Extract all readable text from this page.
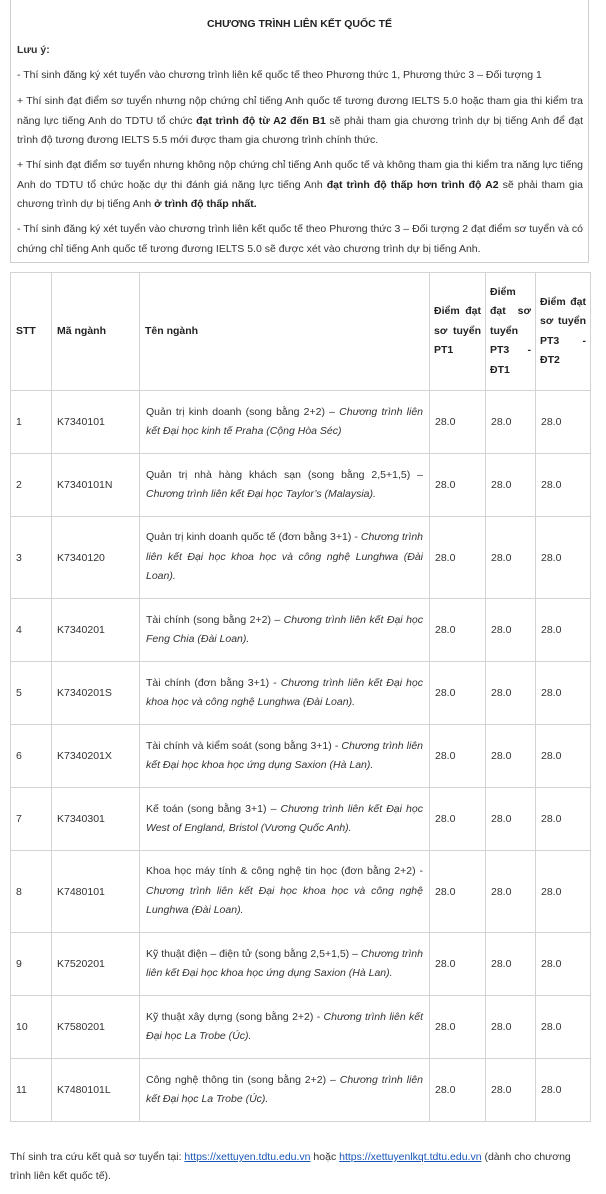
CHƯƠNG TRÌNH LIÊN KẾT QUỐC TẾ
Lưu ý:

- Thí sinh đăng ký xét tuyển vào chương trình liên kế quốc tế theo Phương thức 1, Phương thức 3 – Đối tượng 1

+ Thí sinh đạt điểm sơ tuyển nhưng nộp chứng chỉ tiếng Anh quốc tế tương đương IELTS 5.0 hoặc tham gia thi kiểm tra năng lực tiếng Anh do TDTU tổ chức đạt trình độ từ A2 đến B1 sẽ phải tham gia chương trình dự bị tiếng Anh để đạt trình độ tương đương IELTS 5.5 mới được tham gia chương trình chính thức.

+ Thí sinh đạt điểm sơ tuyển nhưng không nộp chứng chỉ tiếng Anh quốc tế và không tham gia thi kiểm tra năng lực tiếng Anh do TDTU tổ chức hoặc dự thi đánh giá năng lực tiếng Anh đạt trình độ thấp hơn trình độ A2 sẽ phải tham gia chương trình dự bị tiếng Anh ở trình độ thấp nhất.

- Thí sinh đăng ký xét tuyển vào chương trình liên kết quốc tế theo Phương thức 3 – Đối tượng 2 đạt điểm sơ tuyển và có chứng chỉ tiếng Anh quốc tế tương đương IELTS 5.0 sẽ được xét vào chương trình dự bị tiếng Anh.

STT	Mã ngành	Tên ngành	Điểm đạt sơ tuyển PT1	Điểm đạt sơ tuyển PT3 - ĐT1	Điểm đạt sơ tuyển PT3 - ĐT2
1	K7340101	Quản trị kinh doanh (song bằng 2+2) – Chương trình liên kết Đại học kinh tế Praha (Cộng Hòa Séc)	28.0	28.0	28.0
2	K7340101N	Quản trị nhà hàng khách sạn (song bằng 2,5+1,5) – Chương trình liên kết Đại học Taylor’s (Malaysia).	28.0	28.0	28.0
3	K7340120	Quản trị kinh doanh quốc tế (đơn bằng 3+1) - Chương trình liên kết Đại học khoa học và công nghệ Lunghwa (Đài Loan).	28.0	28.0	28.0
4	K7340201	Tài chính (song bằng 2+2) – Chương trình liên kết Đại học Feng Chia (Đài Loan).	28.0	28.0	28.0
5	K7340201S	Tài chính (đơn bằng 3+1) - Chương trình liên kết Đại học khoa học và công nghệ Lunghwa (Đài Loan).	28.0	28.0	28.0
6	K7340201X	Tài chính và kiểm soát (song bằng 3+1) - Chương trình liên kết Đại học khoa học ứng dụng Saxion (Hà Lan).	28.0	28.0	28.0
7	K7340301	Kế toán (song bằng 3+1) – Chương trình liên kết Đại học West of England, Bristol (Vương Quốc Anh).	28.0	28.0	28.0
8	K7480101	Khoa học máy tính & công nghệ tin học (đơn bằng 2+2) - Chương trình liên kết Đại học khoa học và công nghệ Lunghwa (Đài Loan).	28.0	28.0	28.0
9	K7520201	Kỹ thuật điện – điện tử (song bằng 2,5+1,5) – Chương trình liên kết Đại học khoa học ứng dụng Saxion (Hà Lan).	28.0	28.0	28.0
10	K7580201	Kỹ thuật xây dựng (song bằng 2+2) - Chương trình liên kết Đại học La Trobe (Úc).	28.0	28.0	28.0
11	K7480101L	Công nghệ thông tin (song bằng 2+2) – Chương trình liên kết Đại học La Trobe (Úc).	28.0	28.0	28.0

Thí sinh tra cứu kết quả sơ tuyển tại: https://xettuyen.tdtu.edu.vn hoặc https://xettuyenlkqt.tdtu.edu.vn (dành cho chương trình liên kết quốc tế).
